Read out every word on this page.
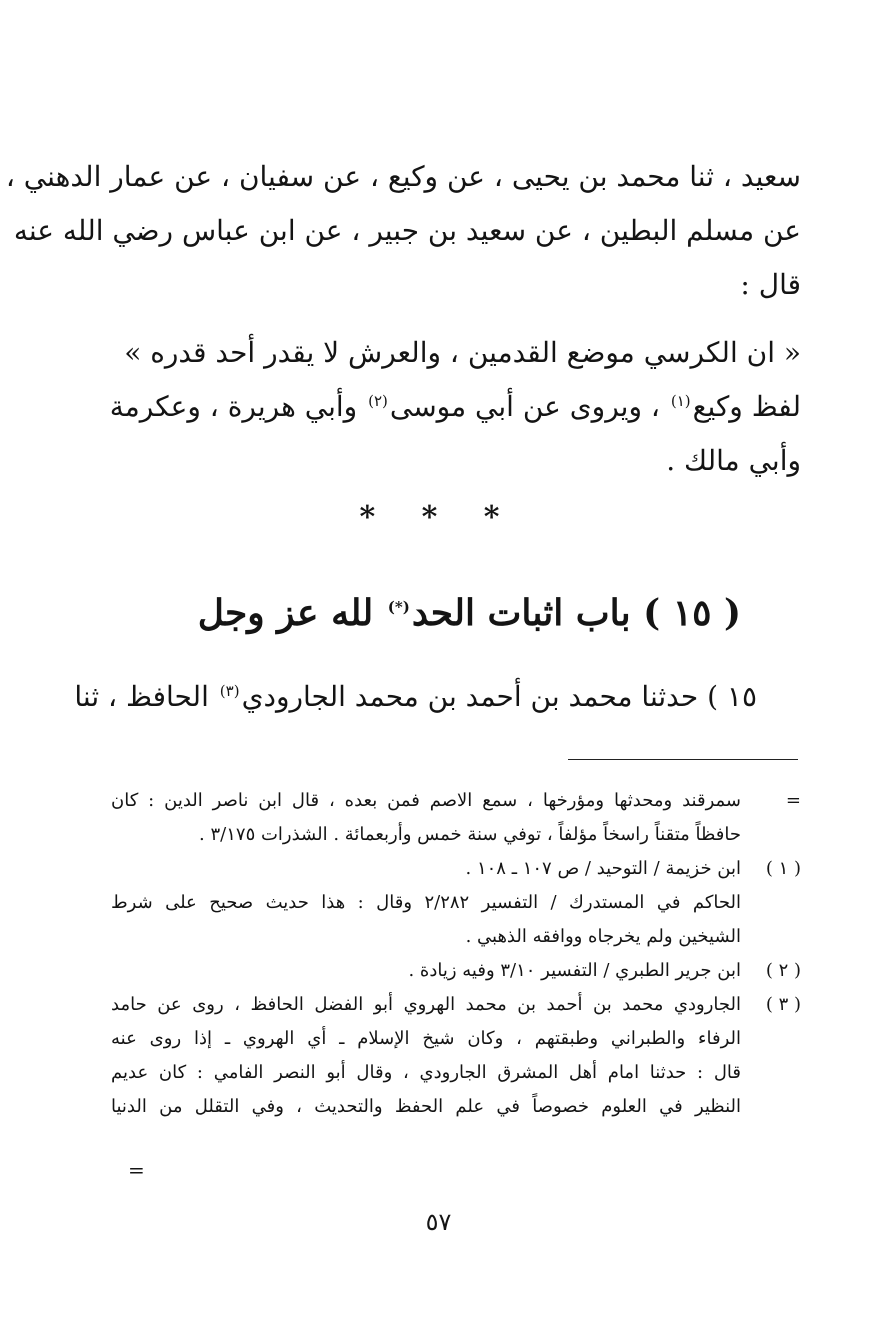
سعيد ، ثنا محمد بن يحيى ، عن وكيع ، عن سفيان ، عن عمار الدهني ،
عن مسلم البطين ، عن سعيد بن جبير ، عن ابن عباس رضي الله عنه
قال :
« ان الكرسي موضع القدمين ، والعرش لا يقدر أحد قدره »
لفظ وكيع$^{(١)}$ ، ويروى عن أبي موسى$^{(٢)}$ وأبي هريرة ، وعكرمة
وأبي مالك .
* * *
( ١٥ ) باب اثبات الحد(*) لله عز وجل
١٥ ) حدثنا محمد بن أحمد بن محمد الجارودي$^{(٣)}$ الحافظ ، ثنا
=
سمرقند ومحدثها ومؤرخها ، سمع الاصم فمن بعده ، قال ابن ناصر الدين : كان
حافظاً متقناً راسخاً مؤلفاً ، توفي سنة خمس وأربعمائة . الشذرات ٣/١٧٥ .
( ١ )
ابن خزيمة / التوحيد / ص ١٠٧ ـ ١٠٨ .
الحاكم في المستدرك / التفسير ٢/٢٨٢ وقال : هذا حديث صحيح على شرط
الشيخين ولم يخرجاه ووافقه الذهبي .
( ٢ )
ابن جرير الطبري / التفسير ٣/١٠ وفيه زيادة .
( ٣ )
الجارودي محمد بن أحمد بن محمد الهروي أبو الفضل الحافظ ، روى عن حامد
الرفاء والطبراني وطبقتهم ، وكان شيخ الإسلام ـ أي الهروي ـ إذا روى عنه
قال : حدثنا امام أهل المشرق الجارودي ، وقال أبو النصر الفامي : كان عديم
النظير في العلوم خصوصاً في علم الحفظ والتحديث ، وفي التقلل من الدنيا
=
٥٧
